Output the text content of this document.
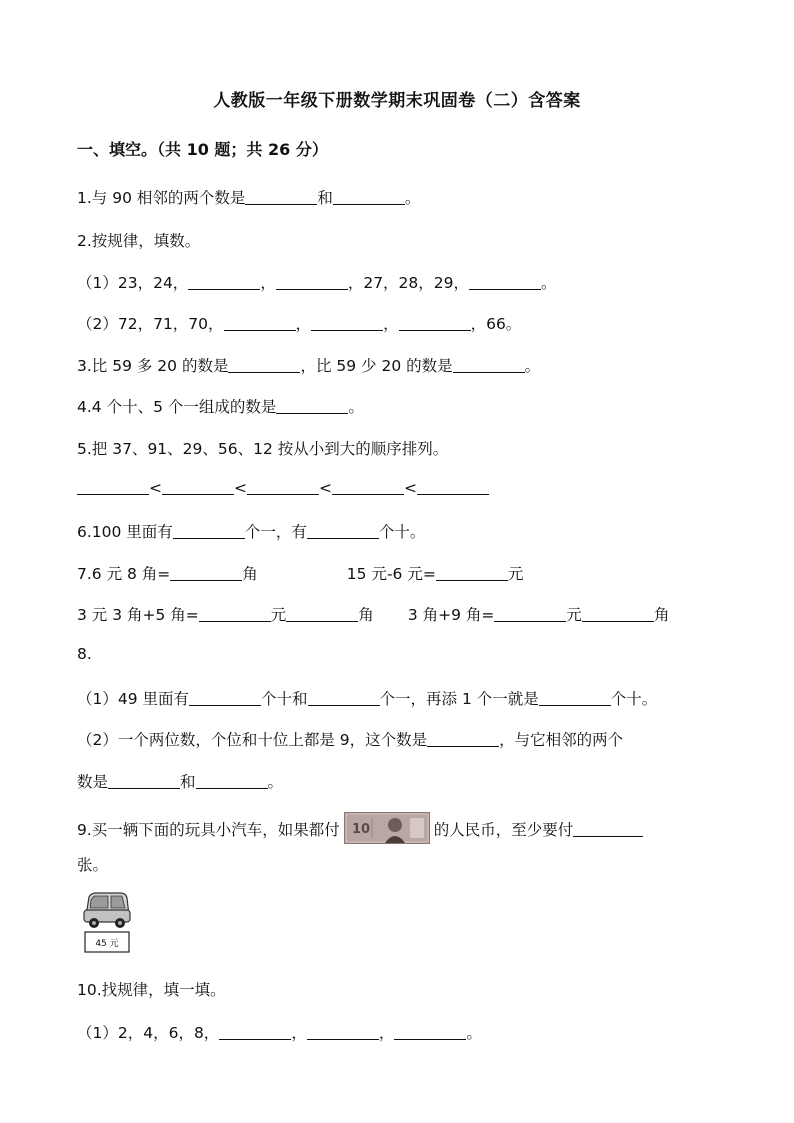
人教版一年级下册数学期末巩固卷（二）含答案
一、填空。（共 10 题；共 26 分）
1.与 90 相邻的两个数是	和	。
2.按规律，填数。
（1）23，24，	，	，27，28，29，	。
（2）72，71，70，	，	，	，66。
3.比 59 多 20 的数是	，比 59 少 20 的数是	。
4.4 个十、5 个一组成的数是	。
5.把 37、91、29、56、12 按从小到大的顺序排列。
<	<	<	<
6.100 里面有	个一，有	个十。
7.6 元 8 角=	角	15 元-6 元=	元
3 元 3 角+5 角=	元	角 3 角+9 角=	元	角
8.
（1）49 里面有	个十和	个一，再添 1 个一就是	个十。
（2）一个两位数，个位和十位上都是 9，这个数是	，与它相邻的两个
数是	和	。
9.买一辆下面的玩具小汽车，如果都付 10	的人民币，至少要付
张。
45 元
10.找规律，填一填。
（1）2，4，6，8，	，	，	。
